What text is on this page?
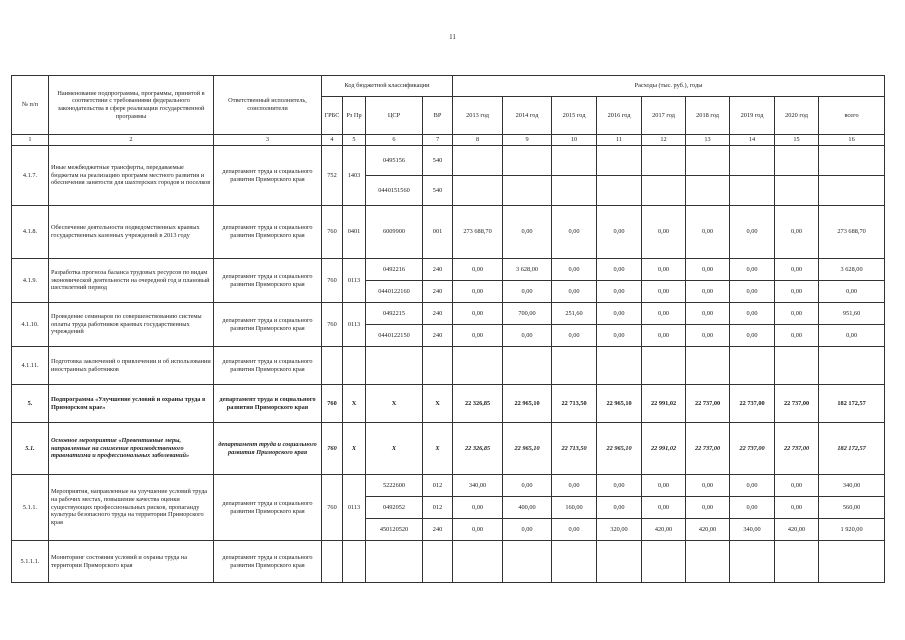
11
№ п/п	Наименование подпрограммы, программы, принятой в соответствии с требованиями федерального законодательства в сфере реализации государственной программы	Ответственный исполнитель, соисполнители	Код бюджетной классификации				Расходы (тыс. руб.), годы								
			ГРБС	Рз Пр	ЦСР	ВР	2013 год	2014 год	2015 год	2016 год	2017 год	2018 год	2019 год	2020 год	всего
1	2	3	4	5	6	7	8	9	10	11	12	13	14	15	16
4.1.7.	Иные межбюджетные трансферты, передаваемые бюджетам на реализацию программ местного развития и обеспечения занятости для шахтерских городов и поселков	департамент труда и социального развития Приморского края	752	1403	0495156	540									
					0440151560	540									
4.1.8.	Обеспечение деятельности подведомственных краевых государственных казенных учреждений в 2013 году	департамент труда и социального развития Приморского края	760	0401	6009900	001	273 688,70	0,00	0,00	0,00	0,00	0,00	0,00	0,00	273 688,70
4.1.9.	Разработка прогноза баланса трудовых ресурсов по видам экономической деятельности на очередной год и плановый шестилетний период	департамент труда и социального развития Приморского края	760	0113	0492216	240	0,00	3 628,00	0,00	0,00	0,00	0,00	0,00	0,00	3 628,00
					0440122160	240	0,00	0,00	0,00	0,00	0,00	0,00	0,00	0,00	0,00
4.1.10.	Проведение семинаров по совершенствованию системы оплаты труда работников краевых государственных учреждений	департамент труда и социального развития Приморского края	760	0113	0492215	240	0,00	700,00	251,60	0,00	0,00	0,00	0,00	0,00	951,60
					0440122150	240	0,00	0,00	0,00	0,00	0,00	0,00	0,00	0,00	0,00
4.1.11.	Подготовка заключений о привлечении и об использовании иностранных работников	департамент труда и социального развития Приморского края													
5.	Подпрограмма «Улучшение условий и охраны труда в Приморском крае»	департамент труда и социального развития Приморского края	760	X	X	X	22 326,85	22 965,10	22 713,50	22 965,10	22 991,02	22 737,00	22 737,00	22 737,00	182 172,57
5.1.	Основное мероприятие «Превентивные меры, направленные на снижение производственного травматизма и профессиональных заболеваний»	департамент труда и социального развития Приморского края	760	X	X	X	22 326,85	22 965,10	22 713,50	22 965,10	22 991,02	22 737,00	22 737,00	22 737,00	182 172,57
5.1.1.	Мероприятия, направленные на улучшение условий труда на рабочих местах, повышение качества оценки существующих профессиональных рисков, пропаганду культуры безопасного труда на территории Приморского края	департамент труда и социального развития Приморского края	760	0113	5222600	012	340,00	0,00	0,00	0,00	0,00	0,00	0,00	0,00	340,00
					0492052	012	0,00	400,00	160,00	0,00	0,00	0,00	0,00	0,00	560,00
					450120520	240	0,00	0,00	0,00	320,00	420,00	420,00	340,00	420,00	1 920,00
5.1.1.1.	Мониторинг состояния условий и охраны труда на территории Приморского края	департамент труда и социального развития Приморского края													
